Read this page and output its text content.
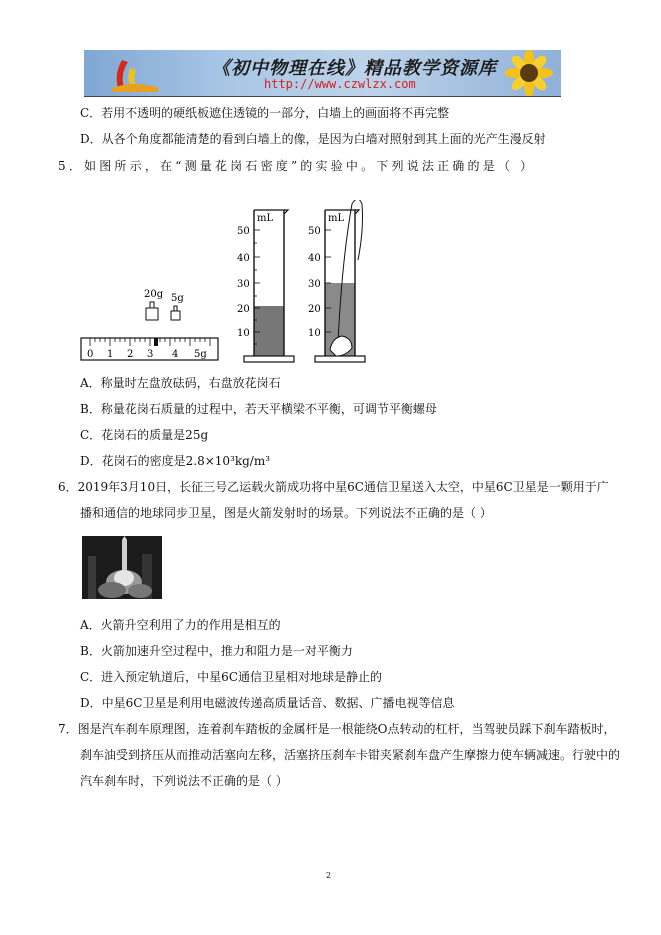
《初中物理在线》精品教学资源库
http://www.czwlzx.com
C．若用不透明的硬纸板遮住透镜的一部分，白墙上的画面将不再完整
D．从各个角度都能清楚的看到白墙上的像，是因为白墙对照射到其上面的光产生漫反射
5．如图所示，在“测量花岗石密度”的实验中。下列说法正确的是（ ）
20g 5g
0 1 2 3 4 5g
mL
50
40
30
20
10
mL
50
40
30
20
10
A．称量时左盘放砝码，右盘放花岗石
B．称量花岗石质量的过程中，若天平横梁不平衡，可调节平衡螺母
C．花岗石的质量是25g
D．花岗石的密度是2.8×10³kg/m³
6．2019年3月10日，长征三号乙运载火箭成功将中星6C通信卫星送入太空，中星6C卫星是一颗用于广
播和通信的地球同步卫星，图是火箭发射时的场景。下列说法不正确的是（ ）
A．火箭升空利用了力的作用是相互的
B．火箭加速升空过程中，推力和阻力是一对平衡力
C．进入预定轨道后，中星6C通信卫星相对地球是静止的
D．中星6C卫星是利用电磁波传递高质量话音、数据、广播电视等信息
7．图是汽车刹车原理图，连着刹车踏板的金属杆是一根能绕O点转动的杠杆，当驾驶员踩下刹车踏板时，
刹车油受到挤压从而推动活塞向左移，活塞挤压刹车卡钳夹紧刹车盘产生摩擦力使车辆减速。行驶中的
汽车刹车时，下列说法不正确的是（ ）
2
